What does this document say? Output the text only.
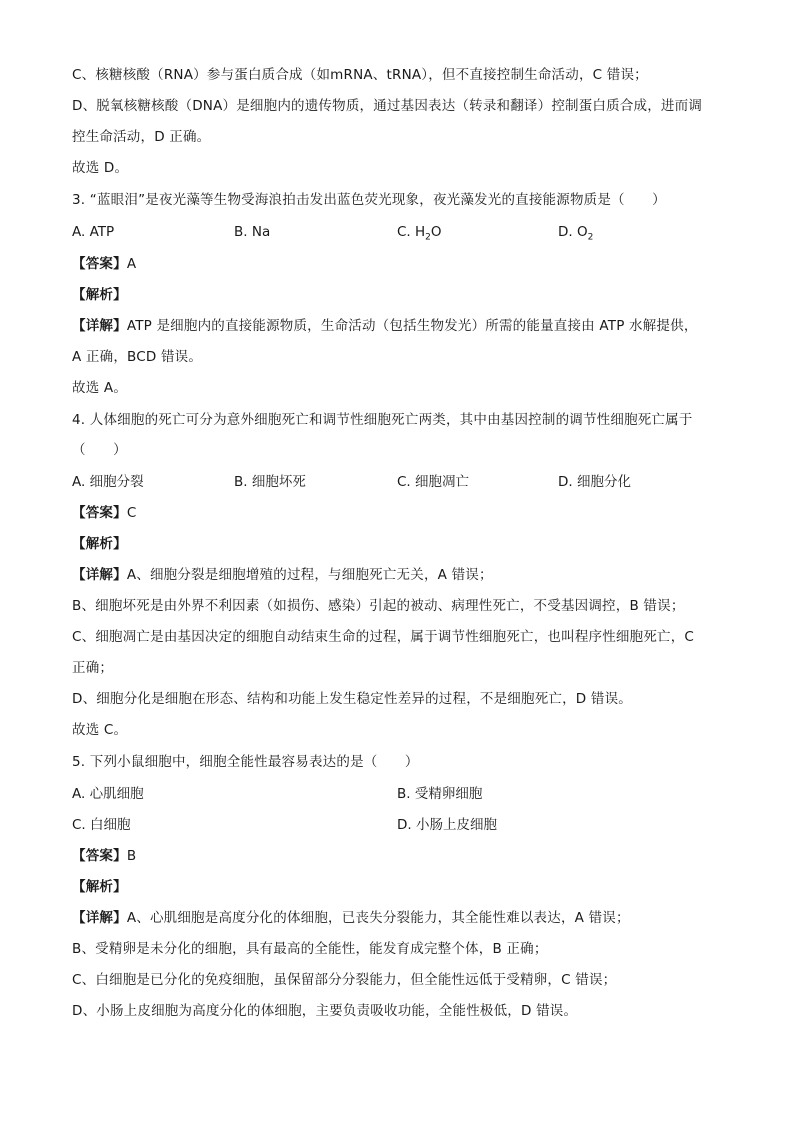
C、核糖核酸（RNA）参与蛋白质合成（如mRNA、tRNA），但不直接控制生命活动，C 错误；
D、脱氧核糖核酸（DNA）是细胞内的遗传物质，通过基因表达（转录和翻译）控制蛋白质合成，进而调
控生命活动，D 正确。
故选 D。
3. “蓝眼泪”是夜光藻等生物受海浪拍击发出蓝色荧光现象，夜光藻发光的直接能源物质是（　　）
A. ATP	B. Na	C. $H_2O$	D. $O_2$
【答案】A
【解析】
【详解】ATP 是细胞内的直接能源物质，生命活动（包括生物发光）所需的能量直接由 ATP 水解提供，
A 正确，BCD 错误。
故选 A。
4. 人体细胞的死亡可分为意外细胞死亡和调节性细胞死亡两类，其中由基因控制的调节性细胞死亡属于
（　　）
A. 细胞分裂	B. 细胞坏死	C. 细胞凋亡	D. 细胞分化
【答案】C
【解析】
【详解】A、细胞分裂是细胞增殖的过程，与细胞死亡无关，A 错误；
B、细胞坏死是由外界不利因素（如损伤、感染）引起的被动、病理性死亡，不受基因调控，B 错误；
C、细胞凋亡是由基因决定的细胞自动结束生命的过程，属于调节性细胞死亡，也叫程序性细胞死亡，C
正确；
D、细胞分化是细胞在形态、结构和功能上发生稳定性差异的过程，不是细胞死亡，D 错误。
故选 C。
5. 下列小鼠细胞中，细胞全能性最容易表达的是（　　）
A. 心肌细胞	B. 受精卵细胞
C. 白细胞	D. 小肠上皮细胞
【答案】B
【解析】
【详解】A、心肌细胞是高度分化的体细胞，已丧失分裂能力，其全能性难以表达，A 错误；
B、受精卵是未分化的细胞，具有最高的全能性，能发育成完整个体，B 正确；
C、白细胞是已分化的免疫细胞，虽保留部分分裂能力，但全能性远低于受精卵，C 错误；
D、小肠上皮细胞为高度分化的体细胞，主要负责吸收功能，全能性极低，D 错误。
